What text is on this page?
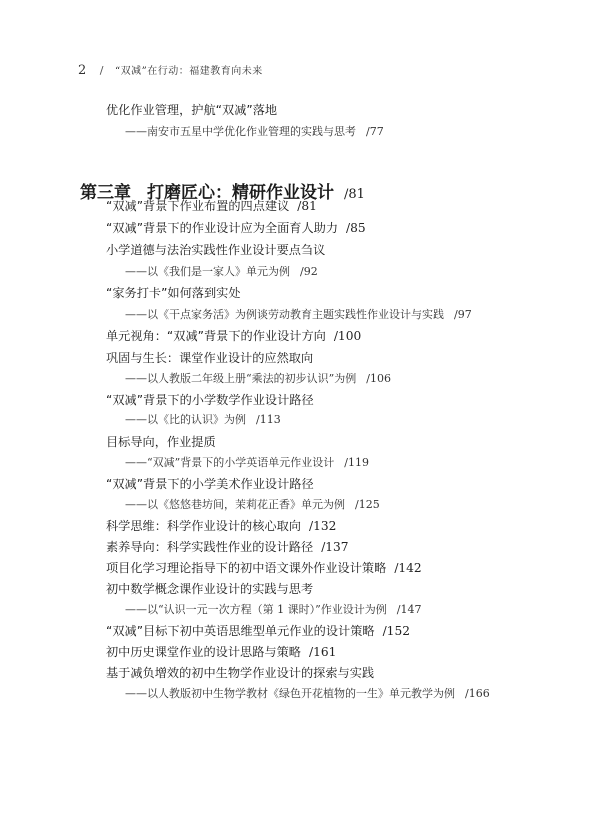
2 / “双减”在行动：福建教育向未来
优化作业管理，护航“双减”落地
——南安市五星中学优化作业管理的实践与思考 /77
第三章 打磨匠心：精研作业设计 /81
“双减”背景下作业布置的四点建议 /81
“双减”背景下的作业设计应为全面育人助力 /85
小学道德与法治实践性作业设计要点刍议
——以《我们是一家人》单元为例 /92
“家务打卡”如何落到实处
——以《干点家务活》为例谈劳动教育主题实践性作业设计与实践 /97
单元视角：“双减”背景下的作业设计方向 /100
巩固与生长：课堂作业设计的应然取向
——以人教版二年级上册“乘法的初步认识”为例 /106
“双减”背景下的小学数学作业设计路径
——以《比的认识》为例 /113
目标导向，作业提质
——“双减”背景下的小学英语单元作业设计 /119
“双减”背景下的小学美术作业设计路径
——以《悠悠巷坊间，茉莉花正香》单元为例 /125
科学思维：科学作业设计的核心取向 /132
素养导向：科学实践性作业的设计路径 /137
项目化学习理论指导下的初中语文课外作业设计策略 /142
初中数学概念课作业设计的实践与思考
——以“认识一元一次方程（第 1 课时）”作业设计为例 /147
“双减”目标下初中英语思维型单元作业的设计策略 /152
初中历史课堂作业的设计思路与策略 /161
基于减负增效的初中生物学作业设计的探索与实践
——以人教版初中生物学教材《绿色开花植物的一生》单元教学为例 /166
